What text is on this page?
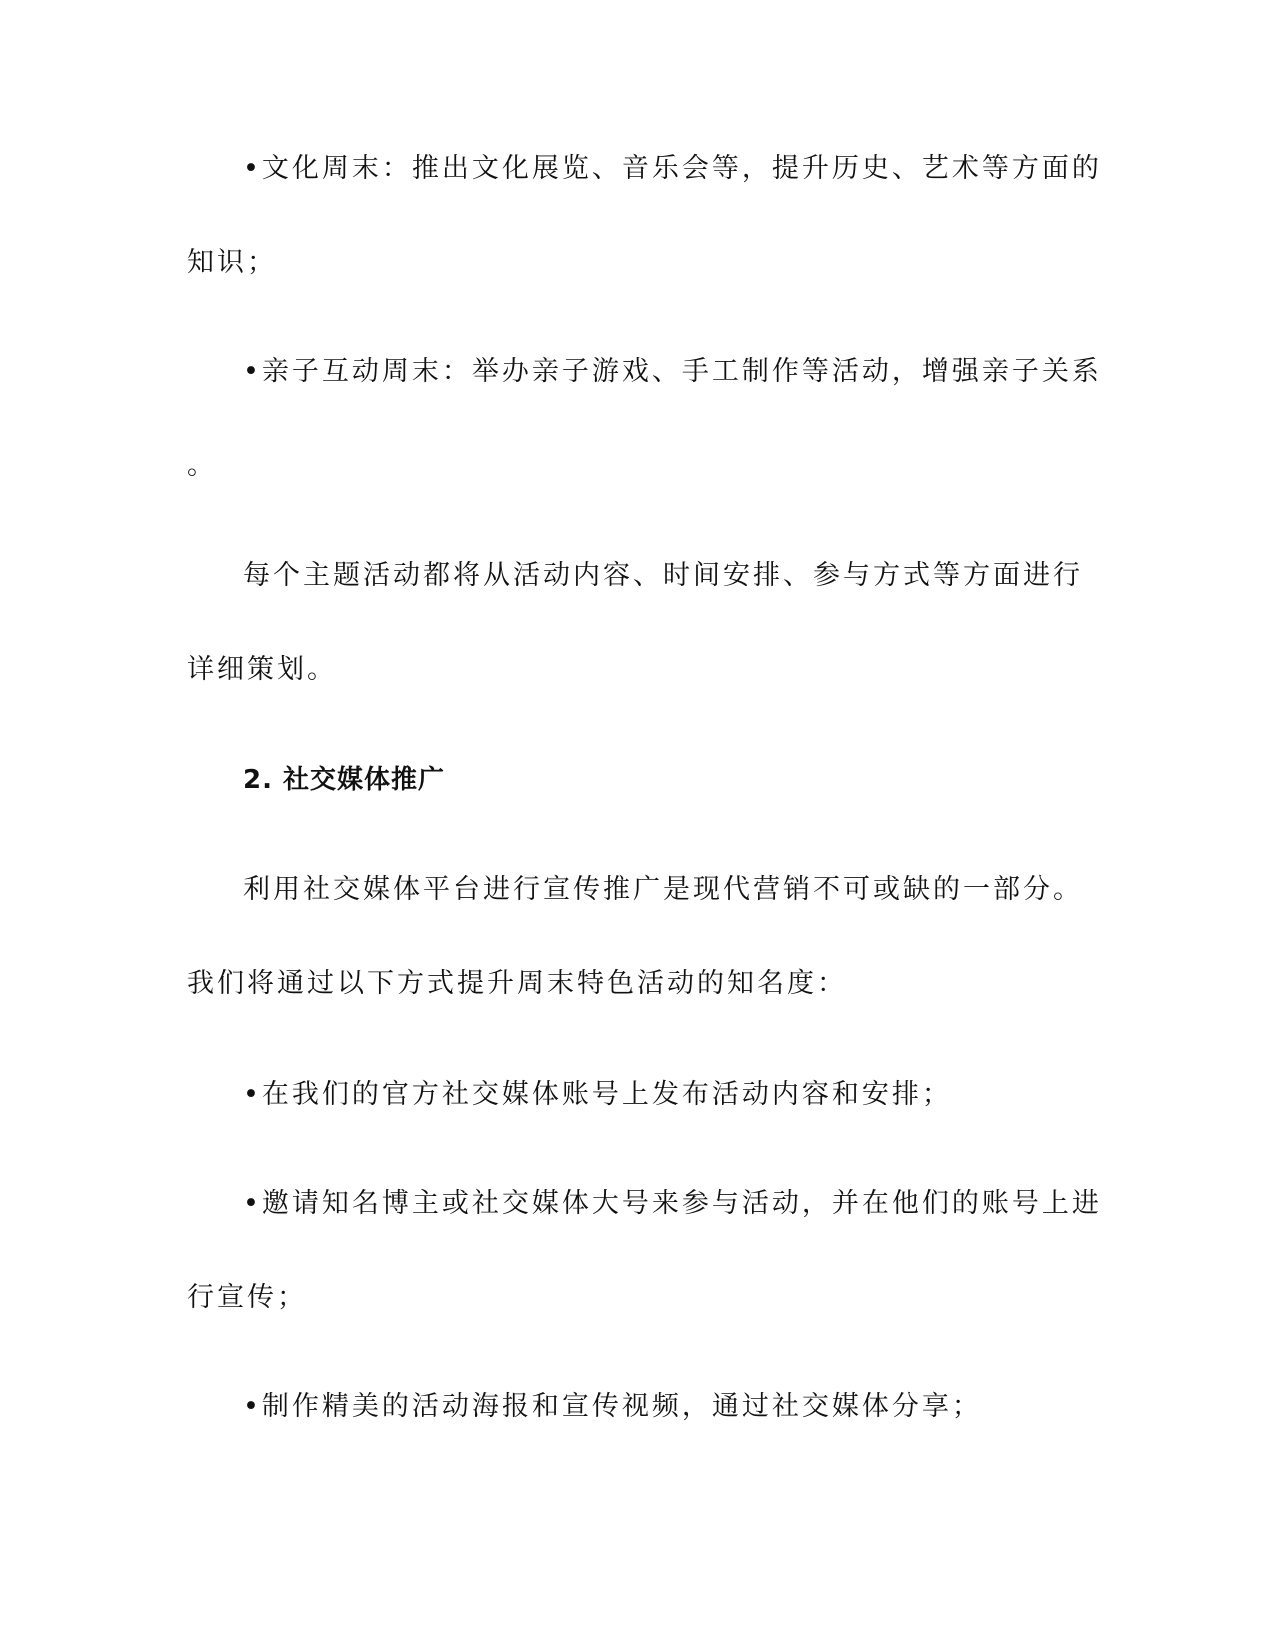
•文化周末：推出文化展览、音乐会等，提升历史、艺术等方面的

知识；

•亲子互动周末：举办亲子游戏、手工制作等活动，增强亲子关系

。

每个主题活动都将从活动内容、时间安排、参与方式等方面进行

详细策划。

2. 社交媒体推广

利用社交媒体平台进行宣传推广是现代营销不可或缺的一部分。

我们将通过以下方式提升周末特色活动的知名度：

•在我们的官方社交媒体账号上发布活动内容和安排；

•邀请知名博主或社交媒体大号来参与活动，并在他们的账号上进

行宣传；

•制作精美的活动海报和宣传视频，通过社交媒体分享；
